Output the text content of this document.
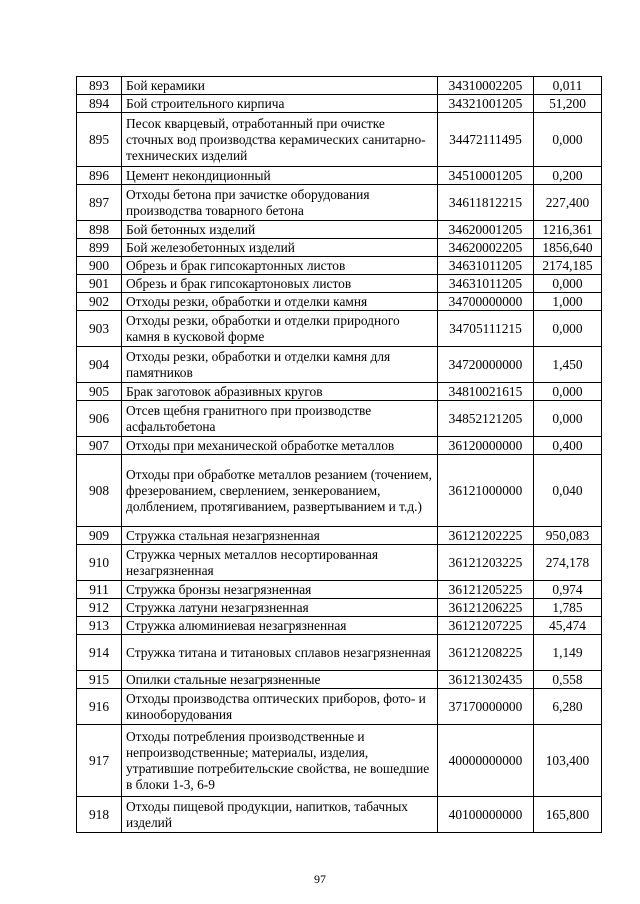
893	Бой керамики	34310002205	0,011
894	Бой строительного кирпича	34321001205	51,200
895	Песок кварцевый, отработанный при очистке сточных вод производства керамических санитарно-технических изделий	34472111495	0,000
896	Цемент некондиционный	34510001205	0,200
897	Отходы бетона при зачистке оборудования производства товарного бетона	34611812215	227,400
898	Бой бетонных изделий	34620001205	1216,361
899	Бой железобетонных изделий	34620002205	1856,640
900	Обрезь и брак гипсокартонных листов	34631011205	2174,185
901	Обрезь и брак гипсокартоновых листов	34631011205	0,000
902	Отходы резки, обработки и отделки камня	34700000000	1,000
903	Отходы резки, обработки и отделки природного камня в кусковой форме	34705111215	0,000
904	Отходы резки, обработки и отделки камня для памятников	34720000000	1,450
905	Брак заготовок абразивных кругов	34810021615	0,000
906	Отсев щебня гранитного при производстве асфальтобетона	34852121205	0,000
907	Отходы при механической обработке металлов	36120000000	0,400
908	Отходы при обработке металлов резанием (точением, фрезерованием, сверлением, зенкерованием, долблением, протягиванием, развертыванием и т.д.)	36121000000	0,040
909	Стружка стальная незагрязненная	36121202225	950,083
910	Стружка черных металлов несортированная незагрязненная	36121203225	274,178
911	Стружка бронзы незагрязненная	36121205225	0,974
912	Стружка латуни незагрязненная	36121206225	1,785
913	Стружка алюминиевая незагрязненная	36121207225	45,474
914	Стружка титана и титановых сплавов незагрязненная	36121208225	1,149
915	Опилки стальные незагрязненные	36121302435	0,558
916	Отходы производства оптических приборов, фото- и кинооборудования	37170000000	6,280
917	Отходы потребления производственные и непроизводственные; материалы, изделия, утратившие потребительские свойства, не вошедшие в блоки 1-3, 6-9	40000000000	103,400
918	Отходы пищевой продукции, напитков, табачных изделий	40100000000	165,800
97
